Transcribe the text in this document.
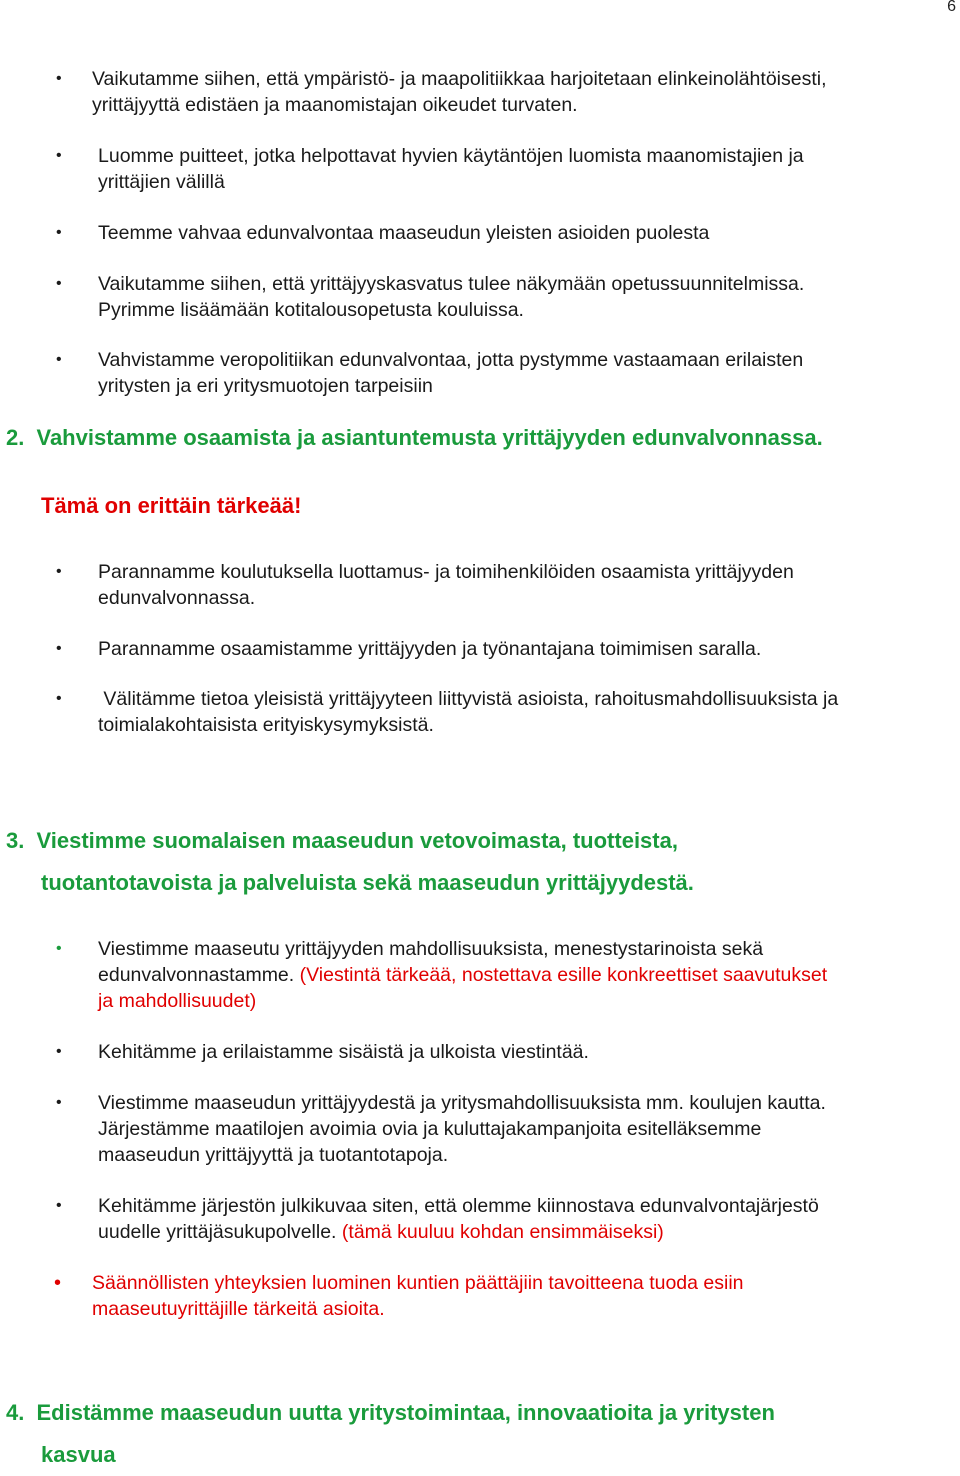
6
• Vaikutamme siihen, että ympäristö- ja maapolitiikkaa harjoitetaan elinkeinolähtöisesti,
yrittäjyyttä edistäen ja maanomistajan oikeudet turvaten.
• Luomme puitteet, jotka helpottavat hyvien käytäntöjen luomista maanomistajien ja
yrittäjien välillä
• Teemme vahvaa edunvalvontaa maaseudun yleisten asioiden puolesta
• Vaikutamme siihen, että yrittäjyyskasvatus tulee näkymään opetussuunnitelmissa.
Pyrimme lisäämään kotitalousopetusta kouluissa.
• Vahvistamme veropolitiikan edunvalvontaa, jotta pystymme vastaamaan erilaisten
yritysten ja eri yritysmuotojen tarpeisiin
2. Vahvistamme osaamista ja asiantuntemusta yrittäjyyden edunvalvonnassa.
Tämä on erittäin tärkeää!
• Parannamme koulutuksella luottamus- ja toimihenkilöiden osaamista yrittäjyyden
edunvalvonnassa.
• Parannamme osaamistamme yrittäjyyden ja työnantajana toimimisen saralla.
• Välitämme tietoa yleisistä yrittäjyyteen liittyvistä asioista, rahoitusmahdollisuuksista ja
toimialakohtaisista erityiskysymyksistä.
3. Viestimme suomalaisen maaseudun vetovoimasta, tuotteista,
tuotantotavoista ja palveluista sekä maaseudun yrittäjyydestä.
• Viestimme maaseutu yrittäjyyden mahdollisuuksista, menestystarinoista sekä
edunvalvonnastamme. (Viestintä tärkeää, nostettava esille konkreettiset saavutukset
ja mahdollisuudet)
• Kehitämme ja erilaistamme sisäistä ja ulkoista viestintää.
• Viestimme maaseudun yrittäjyydestä ja yritysmahdollisuuksista mm. koulujen kautta.
Järjestämme maatilojen avoimia ovia ja kuluttajakampanjoita esitelläksemme
maaseudun yrittäjyyttä ja tuotantotapoja.
• Kehitämme järjestön julkikuvaa siten, että olemme kiinnostava edunvalvontajärjestö
uudelle yrittäjäsukupolvelle. (tämä kuuluu kohdan ensimmäiseksi)
• Säännöllisten yhteyksien luominen kuntien päättäjiin tavoitteena tuoda esiin
maaseutuyrittäjille tärkeitä asioita.
4. Edistämme maaseudun uutta yritystoimintaa, innovaatioita ja yritysten
kasvua
